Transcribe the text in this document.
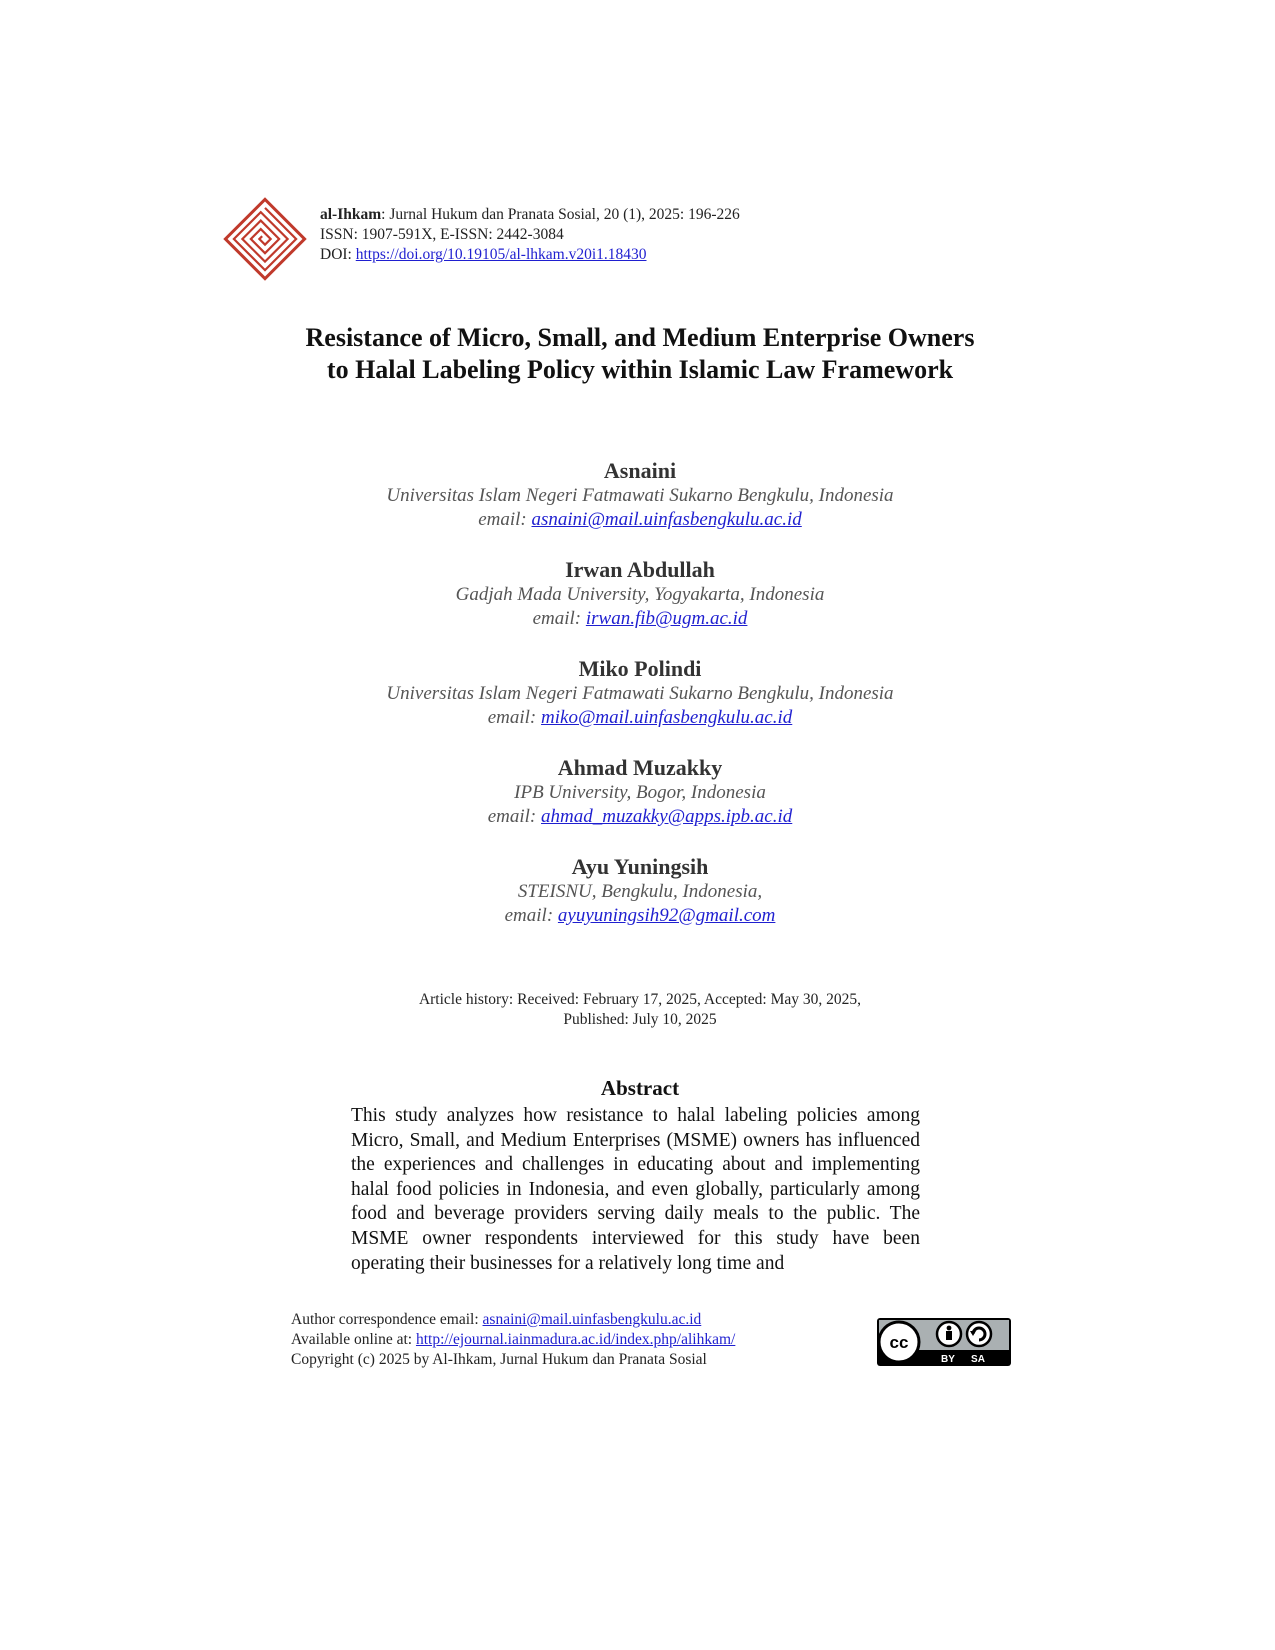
al-Ihkam: Jurnal Hukum dan Pranata Sosial, 20 (1), 2025: 196-226
ISSN: 1907-591X, E-ISSN: 2442-3084
DOI: https://doi.org/10.19105/al-lhkam.v20i1.18430
Resistance of Micro, Small, and Medium Enterprise Owners to Halal Labeling Policy within Islamic Law Framework
Asnaini
Universitas Islam Negeri Fatmawati Sukarno Bengkulu, Indonesia
email: asnaini@mail.uinfasbengkulu.ac.id
Irwan Abdullah
Gadjah Mada University, Yogyakarta, Indonesia
email: irwan.fib@ugm.ac.id
Miko Polindi
Universitas Islam Negeri Fatmawati Sukarno Bengkulu, Indonesia
email: miko@mail.uinfasbengkulu.ac.id
Ahmad Muzakky
IPB University, Bogor, Indonesia
email: ahmad_muzakky@apps.ipb.ac.id
Ayu Yuningsih
STEISNU, Bengkulu, Indonesia,
email: ayuyuningsih92@gmail.com
Article history: Received: February 17, 2025, Accepted: May 30, 2025,
Published: July 10, 2025
Abstract
This study analyzes how resistance to halal labeling policies among Micro, Small, and Medium Enterprises (MSME) owners has influenced the experiences and challenges in educating about and implementing halal food policies in Indonesia, and even globally, particularly among food and beverage providers serving daily meals to the public. The MSME owner respondents interviewed for this study have been operating their businesses for a relatively long time and
Author correspondence email: asnaini@mail.uinfasbengkulu.ac.id
Available online at: http://ejournal.iainmadura.ac.id/index.php/alihkam/
Copyright (c) 2025 by Al-Ihkam, Jurnal Hukum dan Pranata Sosial
cc
BY SA
